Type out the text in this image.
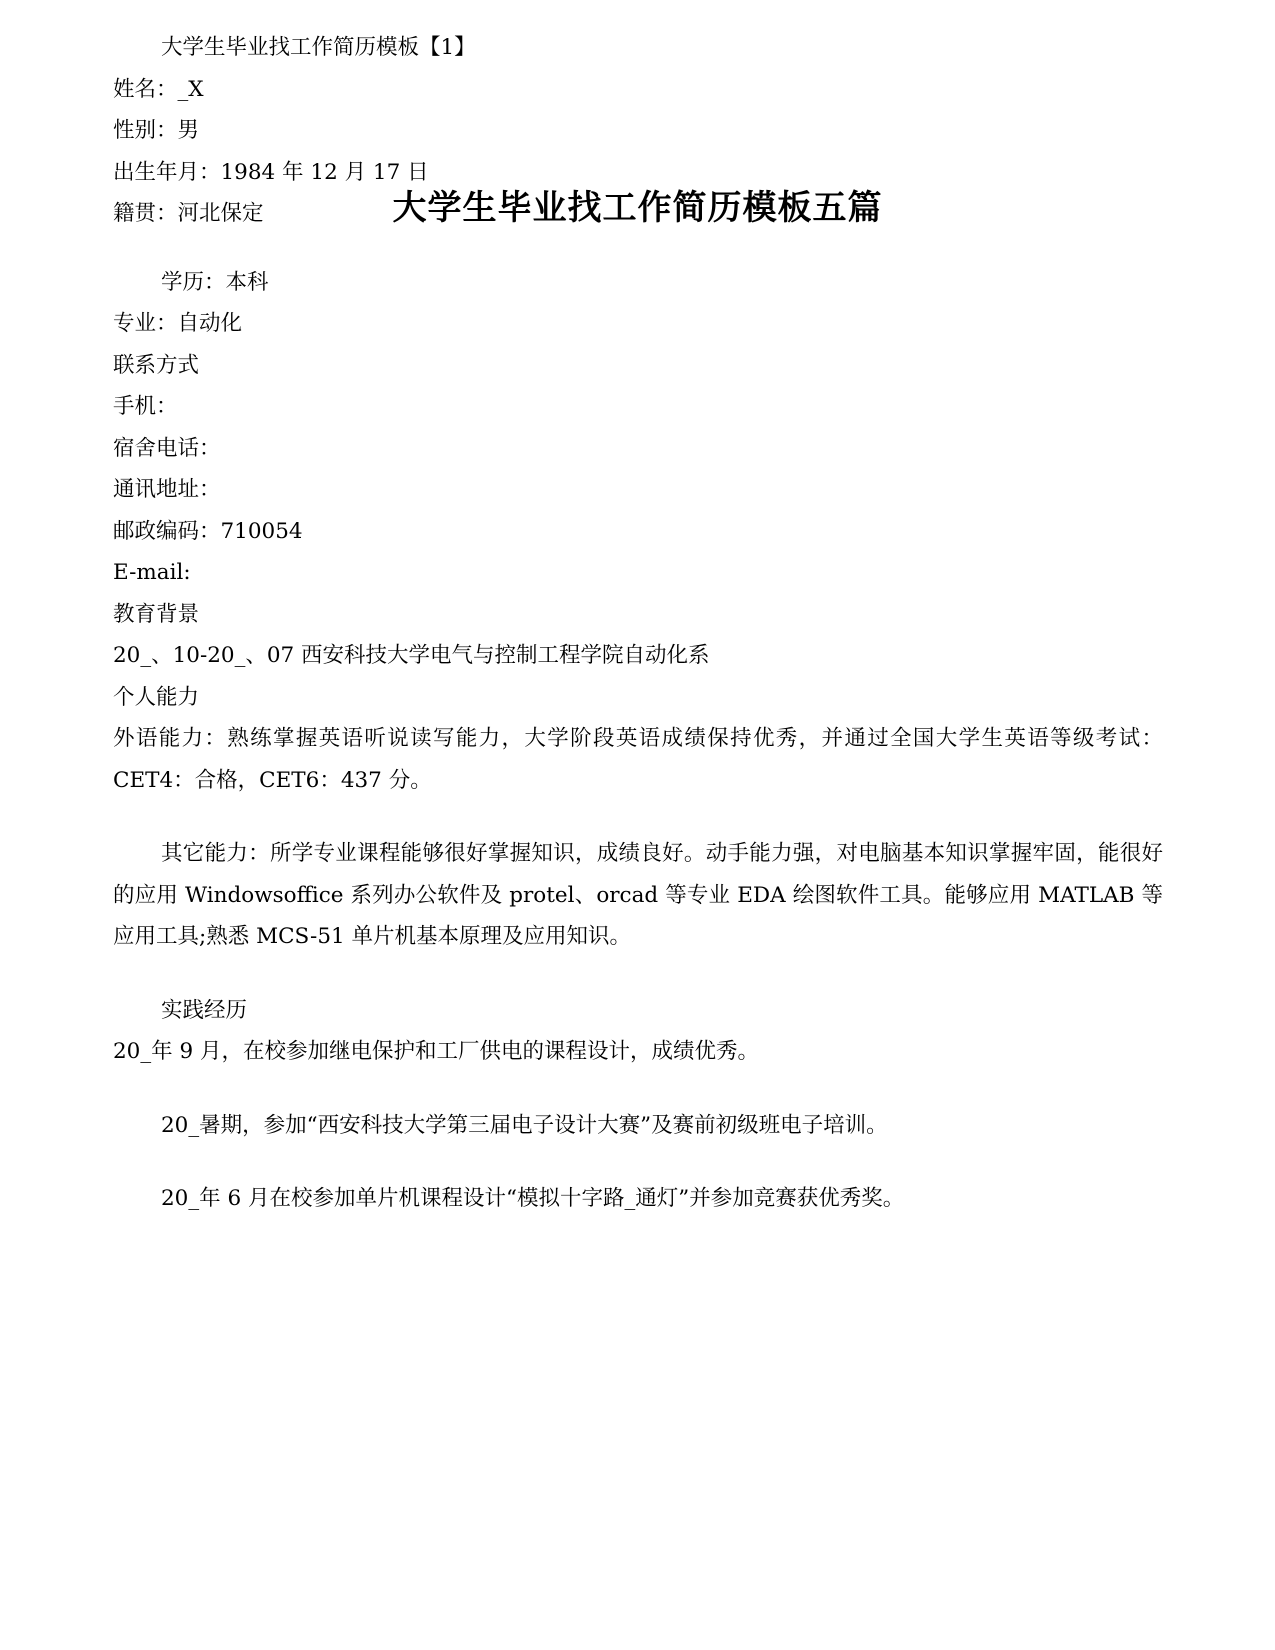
大学生毕业找工作简历模板五篇

大学生毕业找工作简历模板【1】

姓名：_X

性别：男

出生年月：1984 年 12 月 17 日

籍贯：河北保定

学历：本科

专业：自动化

联系方式

手机：

宿舍电话：

通讯地址：

邮政编码：710054

E-mail:

教育背景

20_、10-20_、07 西安科技大学电气与控制工程学院自动化系

个人能力

外语能力：熟练掌握英语听说读写能力，大学阶段英语成绩保持优秀，并通过全国大学生英语等级考试：CET4：合格，CET6：437 分。

其它能力：所学专业课程能够很好掌握知识，成绩良好。动手能力强，对电脑基本知识掌握牢固，能很好的应用 Windowsoffice 系列办公软件及 protel、orcad 等专业 EDA 绘图软件工具。能够应用 MATLAB 等应用工具;熟悉 MCS-51 单片机基本原理及应用知识。

实践经历

20_年 9 月，在校参加继电保护和工厂供电的课程设计，成绩优秀。

20_暑期，参加“西安科技大学第三届电子设计大赛”及赛前初级班电子培训。

20_年 6 月在校参加单片机课程设计“模拟十字路_通灯”并参加竞赛获优秀奖。
